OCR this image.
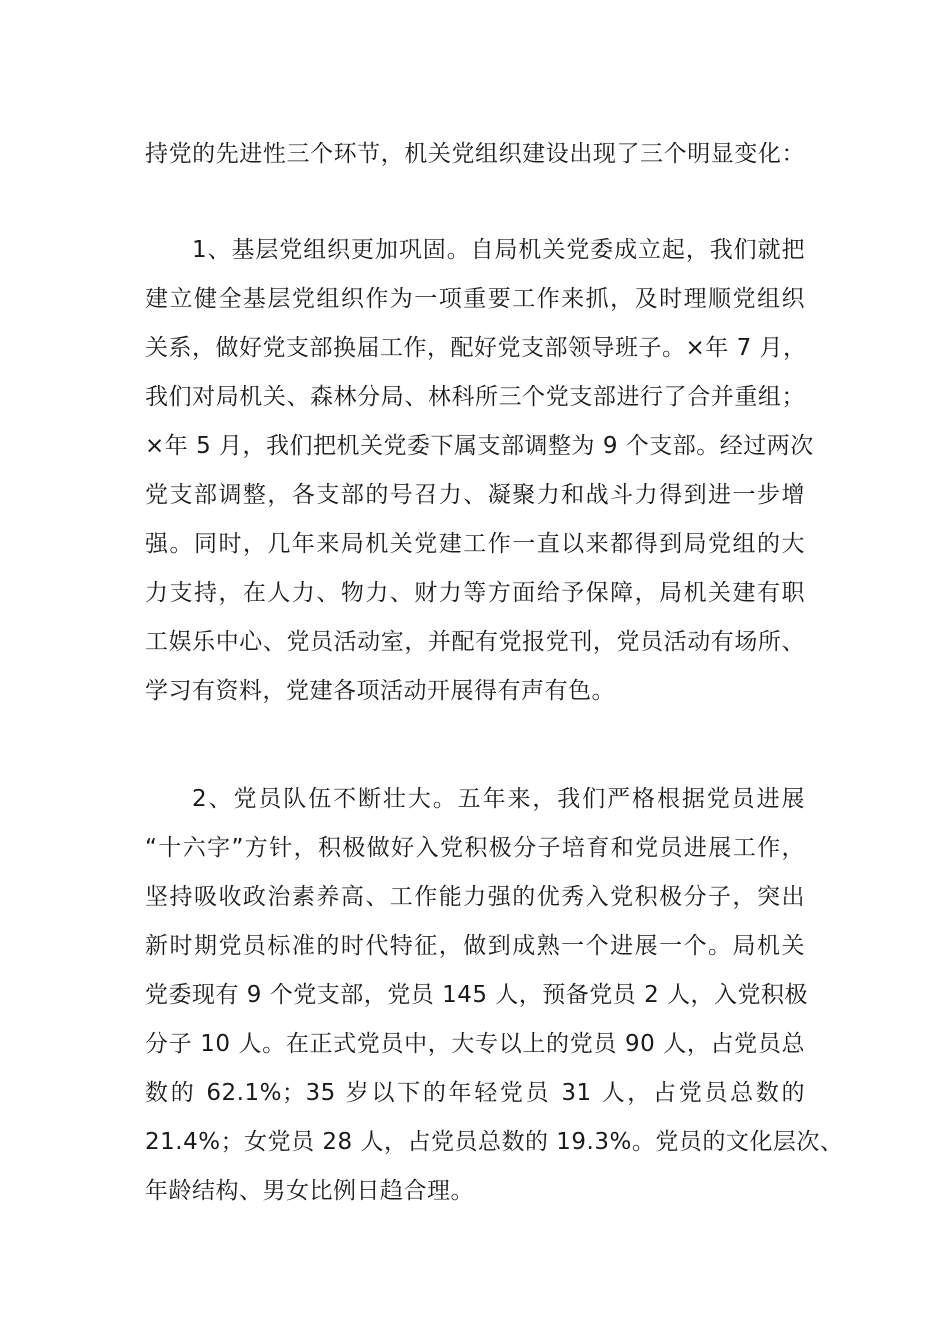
持党的先进性三个环节，机关党组织建设出现了三个明显变化：
1、基层党组织更加巩固。自局机关党委成立起，我们就把
建立健全基层党组织作为一项重要工作来抓，及时理顺党组织
关系，做好党支部换届工作，配好党支部领导班子。×年 7 月，
我们对局机关、森林分局、林科所三个党支部进行了合并重组；
×年 5 月，我们把机关党委下属支部调整为 9 个支部。经过两次
党支部调整，各支部的号召力、凝聚力和战斗力得到进一步增
强。同时，几年来局机关党建工作一直以来都得到局党组的大
力支持，在人力、物力、财力等方面给予保障，局机关建有职
工娱乐中心、党员活动室，并配有党报党刊，党员活动有场所、
学习有资料，党建各项活动开展得有声有色。
2、党员队伍不断壮大。五年来，我们严格根据党员进展
“十六字”方针，积极做好入党积极分子培育和党员进展工作，
坚持吸收政治素养高、工作能力强的优秀入党积极分子，突出
新时期党员标准的时代特征，做到成熟一个进展一个。局机关
党委现有 9 个党支部，党员 145 人，预备党员 2 人，入党积极
分子 10 人。在正式党员中，大专以上的党员 90 人，占党员总
数的 62.1%；35 岁以下的年轻党员 31 人，占党员总数的
21.4%；女党员 28 人，占党员总数的 19.3%。党员的文化层次、
年龄结构、男女比例日趋合理。
